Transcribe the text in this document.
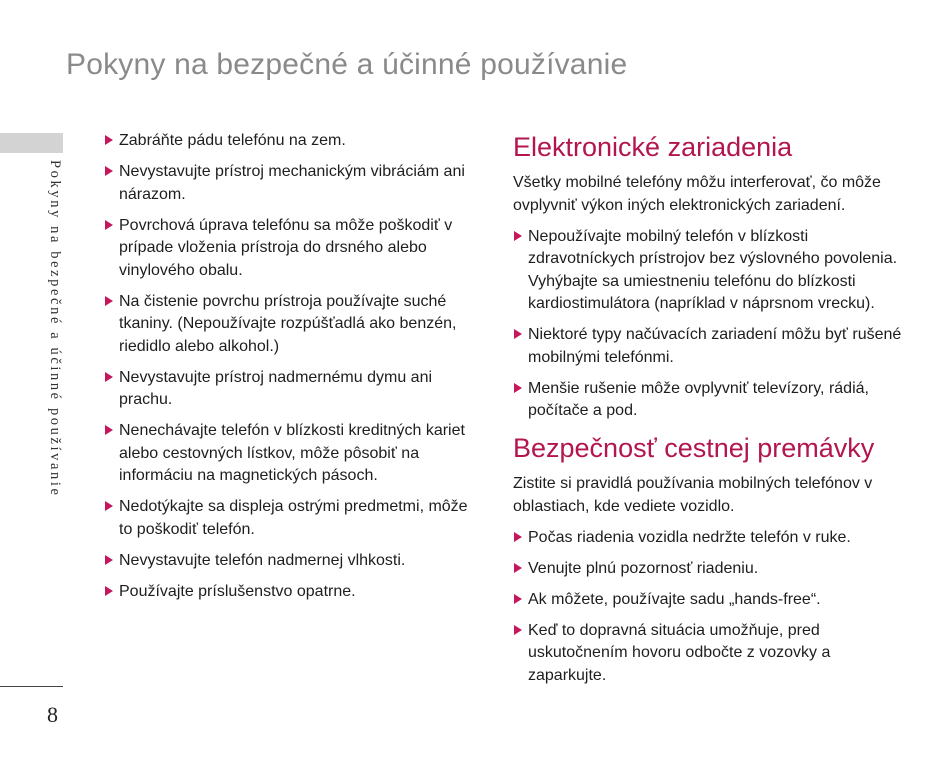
Pokyny na bezpečné a účinné používanie
Pokyny na bezpečné a účinné používanie
8
Zabráňte pádu telefónu na zem.
Nevystavujte prístroj mechanickým vibráciám ani nárazom.
Povrchová úprava telefónu sa môže poškodiť v prípade vloženia prístroja do drsného alebo vinylového obalu.
Na čistenie povrchu prístroja používajte suché tkaniny. (Nepoužívajte rozpúšťadlá ako benzén, riedidlo alebo alkohol.)
Nevystavujte prístroj nadmernému dymu ani prachu.
Nenechávajte telefón v blízkosti kreditných kariet alebo cestovných lístkov, môže pôsobiť na informáciu na magnetických pásoch.
Nedotýkajte sa displeja ostrými predmetmi, môže to poškodiť telefón.
Nevystavujte telefón nadmernej vlhkosti.
Používajte príslušenstvo opatrne.
Elektronické zariadenia

Všetky mobilné telefóny môžu interferovať, čo môže ovplyvniť výkon iných elektronických zariadení.

Nepoužívajte mobilný telefón v blízkosti zdravotníckych prístrojov bez výslovného povolenia. Vyhýbajte sa umiestneniu telefónu do blízkosti kardiostimulátora (napríklad v náprsnom vrecku).
Niektoré typy načúvacích zariadení môžu byť rušené mobilnými telefónmi.
Menšie rušenie môže ovplyvniť televízory, rádiá, počítače a pod.
Bezpečnosť cestnej premávky

Zistite si pravidlá používania mobilných telefónov v oblastiach, kde vediete vozidlo.

Počas riadenia vozidla nedržte telefón v ruke.
Venujte plnú pozornosť riadeniu.
Ak môžete, používajte sadu „hands-free“.
Keď to dopravná situácia umožňuje, pred uskutočnením hovoru odbočte z vozovky a zaparkujte.
